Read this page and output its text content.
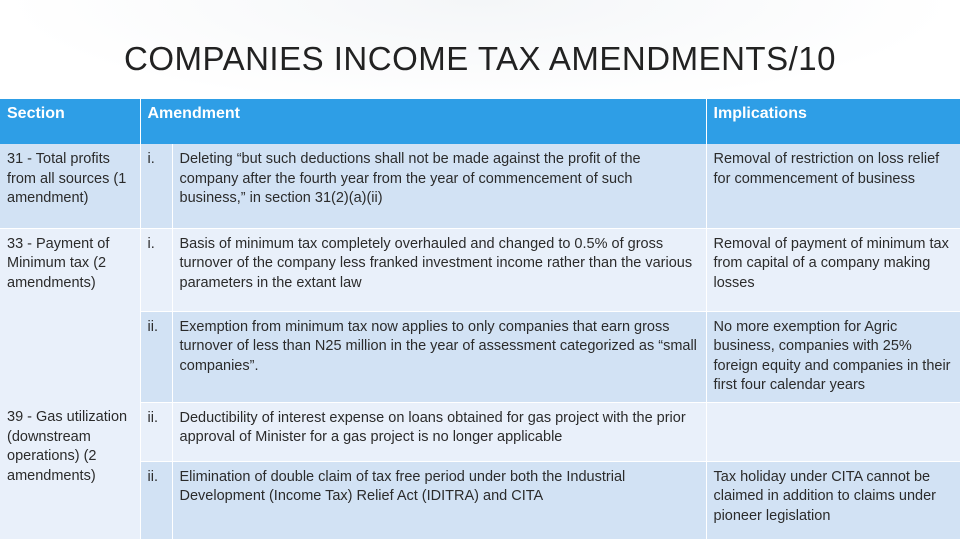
COMPANIES INCOME TAX AMENDMENTS/10
Section	Amendment		Implications
31 - Total profits from all sources (1 amendment)	i.	Deleting “but such deductions shall not be made against the profit of the company after the fourth year from the year of commencement of such business,” in section 31(2)(a)(ii)	Removal of restriction on loss relief for commencement of business
33 - Payment of Minimum tax (2 amendments)	i.	Basis of minimum tax completely overhauled and changed to 0.5% of gross turnover of the company less franked investment income rather than the various parameters in the extant law	Removal of payment of minimum tax from capital of a company making losses
	ii.	Exemption from minimum tax now applies to only companies that earn gross turnover of less than N25 million in the year of assessment categorized as “small companies”.	No more exemption for Agric business, companies with 25% foreign equity and companies in their first four calendar years
39 - Gas utilization (downstream operations) (2 amendments)	ii.	Deductibility of interest expense on loans obtained for gas project with the prior approval of Minister for a gas project is no longer applicable	
	ii.	Elimination of double claim of tax free period under both the Industrial Development (Income Tax) Relief Act (IDITRA) and CITA	Tax holiday under CITA cannot be claimed in addition to claims under pioneer legislation
